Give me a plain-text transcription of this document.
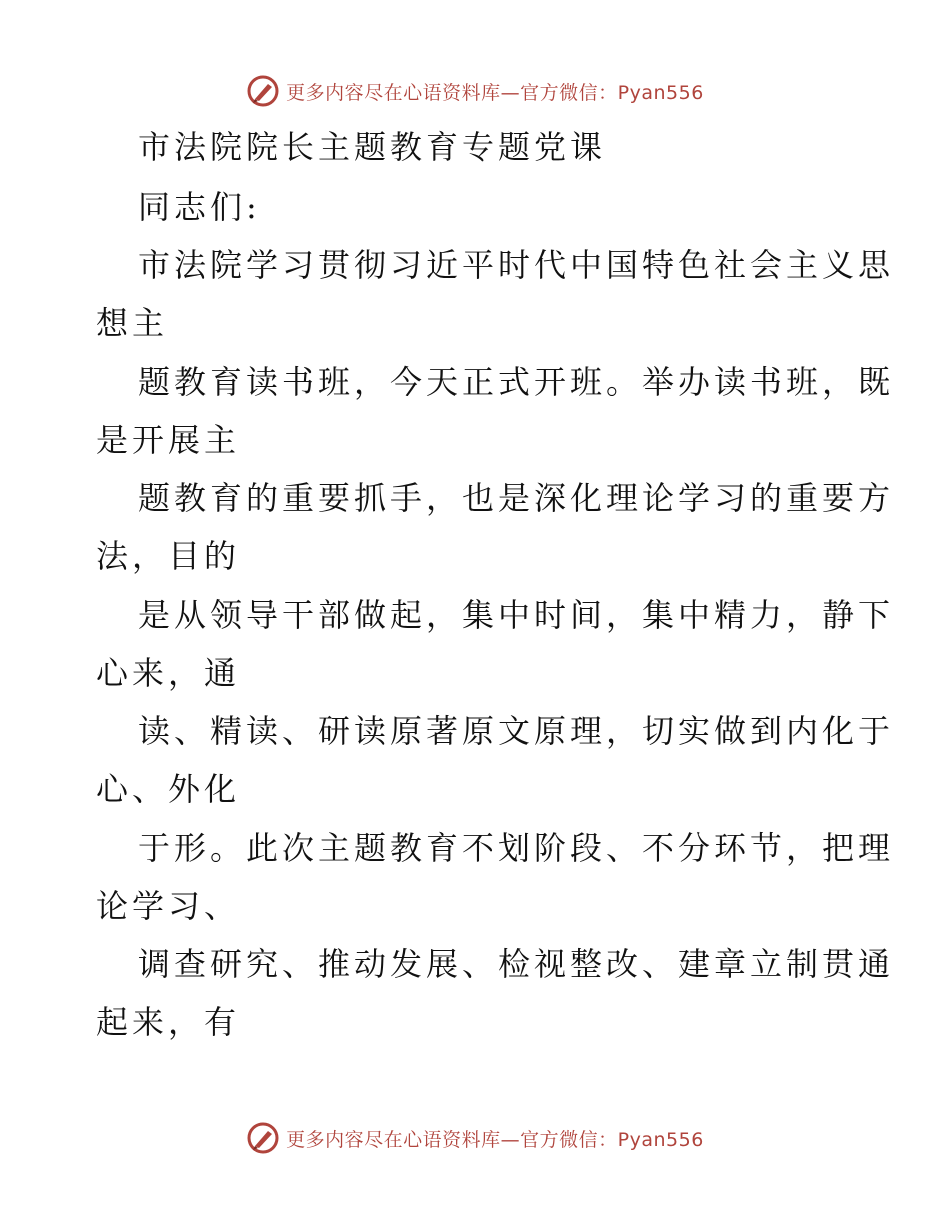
更多内容尽在心语资料库—官方微信：Pyan556
市法院院长主题教育专题党课
同志们:
市法院学习贯彻习近平时代中国特色社会主义思
想主
题教育读书班，今天正式开班。举办读书班，既
是开展主
题教育的重要抓手，也是深化理论学习的重要方
法，目的
是从领导干部做起，集中时间，集中精力，静下
心来，通
读、精读、研读原著原文原理，切实做到内化于
心、外化
于形。此次主题教育不划阶段、不分环节，把理
论学习、
调查研究、推动发展、检视整改、建章立制贯通
起来，有
更多内容尽在心语资料库—官方微信：Pyan556
